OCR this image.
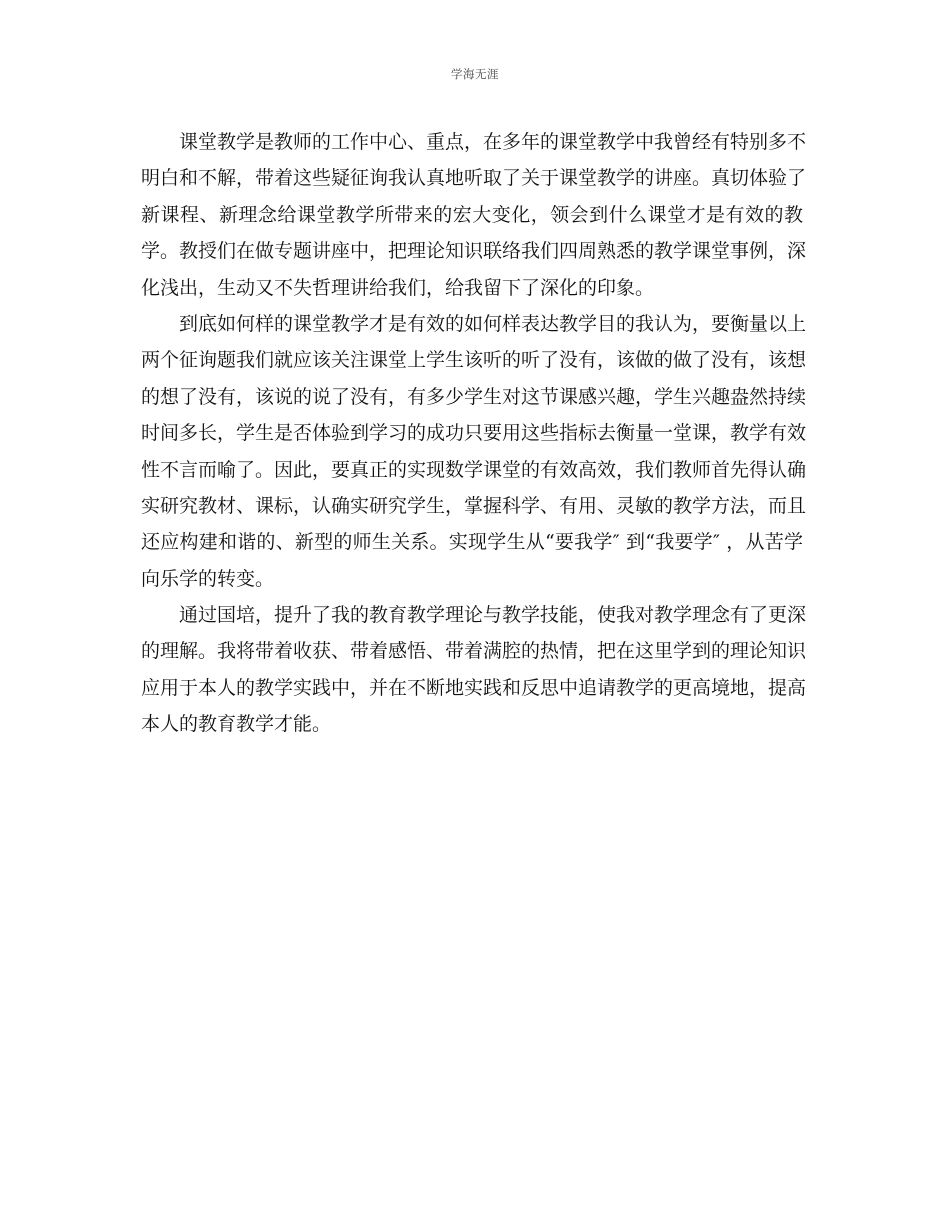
学海无涯
课堂教学是教师的工作中心、重点，在多年的课堂教学中我曾经有特别多不
明白和不解，带着这些疑征询我认真地听取了关于课堂教学的讲座。真切体验了
新课程、新理念给课堂教学所带来的宏大变化，领会到什么课堂才是有效的教
学。教授们在做专题讲座中，把理论知识联络我们四周熟悉的教学课堂事例，深
化浅出，生动又不失哲理讲给我们，给我留下了深化的印象。
到底如何样的课堂教学才是有效的如何样表达教学目的我认为，要衡量以上
两个征询题我们就应该关注课堂上学生该听的听了没有，该做的做了没有，该想
的想了没有，该说的说了没有，有多少学生对这节课感兴趣，学生兴趣盎然持续
时间多长，学生是否体验到学习的成功只要用这些指标去衡量一堂课，教学有效
性不言而喻了。因此，要真正的实现数学课堂的有效高效，我们教师首先得认确
实研究教材、课标，认确实研究学生，掌握科学、有用、灵敏的教学方法，而且
还应构建和谐的、新型的师生关系。实现学生从“要我学″ 到“我要学″ ，从苦学
向乐学的转变。
通过国培，提升了我的教育教学理论与教学技能，使我对教学理念有了更深
的理解。我将带着收获、带着感悟、带着满腔的热情，把在这里学到的理论知识
应用于本人的教学实践中，并在不断地实践和反思中追请教学的更高境地，提高
本人的教育教学才能。
